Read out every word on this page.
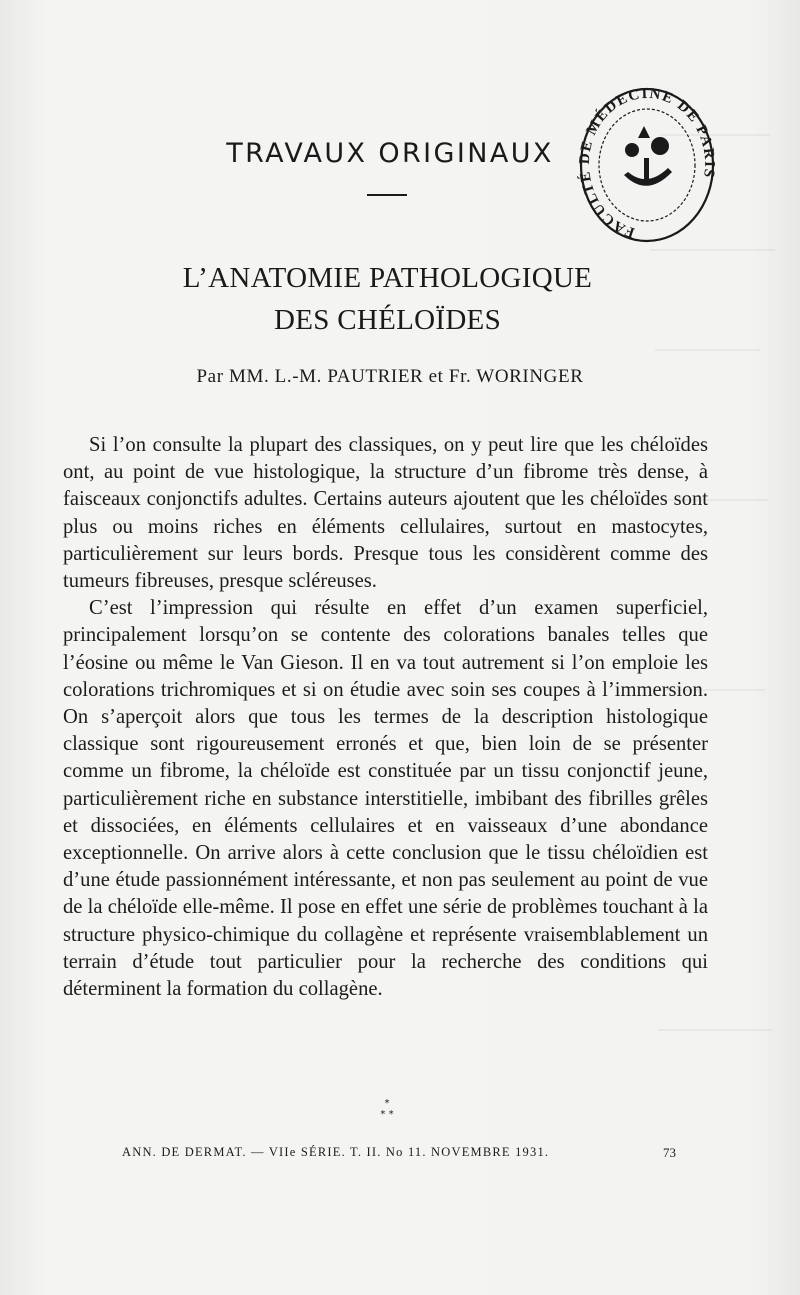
TRAVAUX ORIGINAUX
FACULTÉ DE MÉDECINE DE PARIS
L’ANATOMIE PATHOLOGIQUE
DES CHÉLOÏDES
Par MM. L.-M. PAUTRIER et Fr. WORINGER

Si l’on consulte la plupart des classiques, on y peut lire que les chéloïdes ont, au point de vue histologique, la structure d’un fibrome très dense, à faisceaux conjonctifs adultes. Certains auteurs ajoutent que les chéloïdes sont plus ou moins riches en éléments cellulaires, surtout en mastocytes, particulièrement sur leurs bords. Presque tous les considèrent comme des tumeurs fibreuses, presque scléreuses.

C’est l’impression qui résulte en effet d’un examen superficiel, principalement lorsqu’on se contente des colorations banales telles que l’éosine ou même le Van Gieson. Il en va tout autrement si l’on emploie les colorations trichromiques et si on étudie avec soin ses coupes à l’immersion. On s’aperçoit alors que tous les termes de la description histologique classique sont rigoureusement erronés et que, bien loin de se présenter comme un fibrome, la chéloïde est constituée par un tissu conjonctif jeune, particulièrement riche en substance interstitielle, imbibant des fibrilles grêles et dissociées, en éléments cellulaires et en vaisseaux d’une abondance exceptionnelle. On arrive alors à cette conclusion que le tissu chéloïdien est d’une étude passionnément intéressante, et non pas seulement au point de vue de la chéloïde elle-même. Il pose en effet une série de problèmes touchant à la structure physico-chimique du collagène et représente vraisemblablement un terrain d’étude tout particulier pour la recherche des conditions qui déterminent la formation du collagène.

*
* *
ANN. DE DERMAT. — VIIe SÉRIE. T. II. No 11. NOVEMBRE 1931.	73
